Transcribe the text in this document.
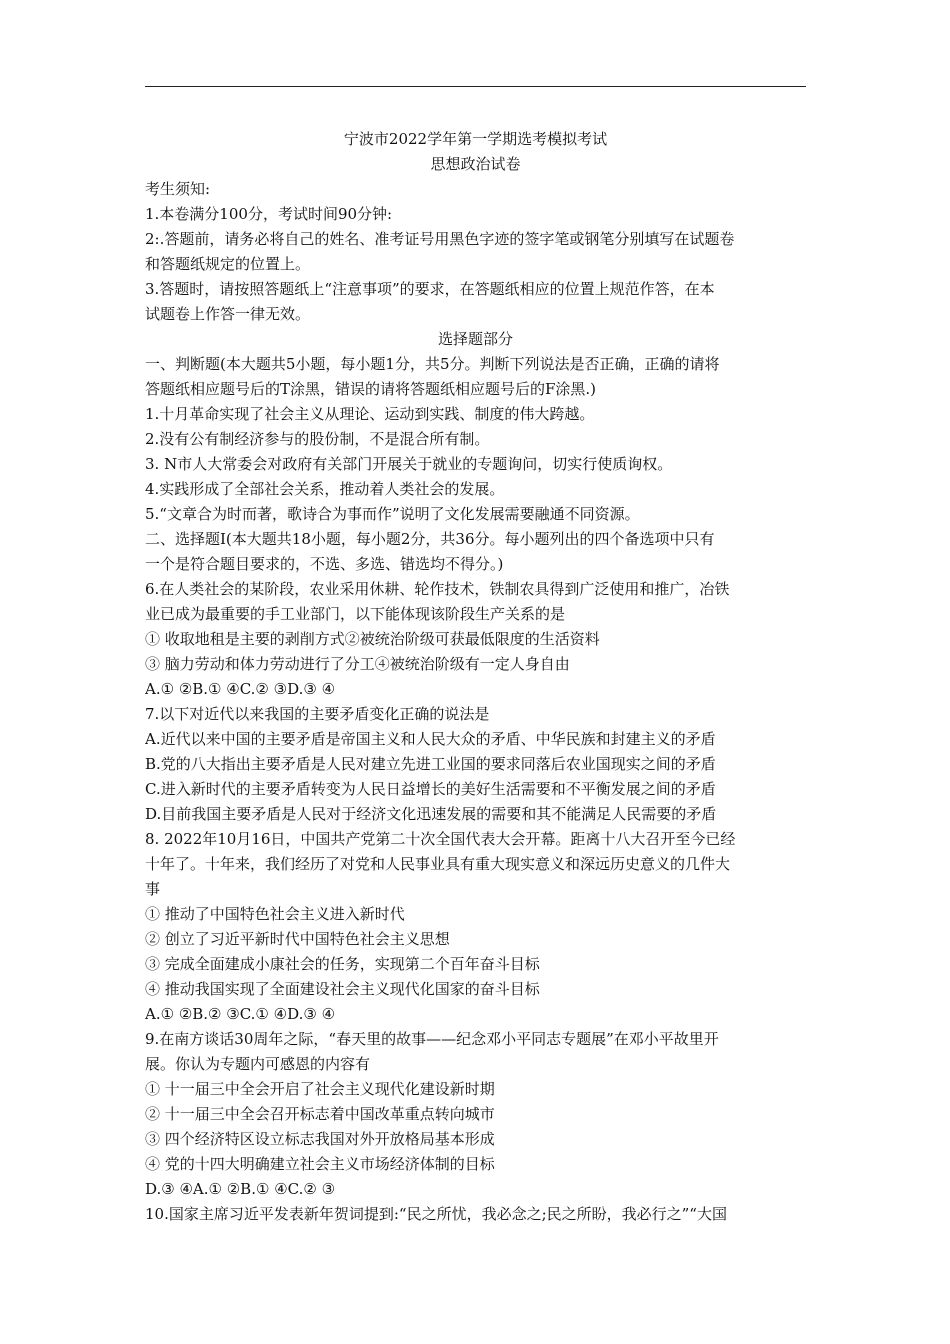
宁波市2022学年第一学期选考模拟考试
思想政治试卷
考生须知:
1.本卷满分100分，考试时间90分钟:
2:.答题前，请务必将自己的姓名、准考证号用黑色字迹的签字笔或钢笔分别填写在试题卷
和答题纸规定的位置上。
3.答题时，请按照答题纸上“注意事项”的要求，在答题纸相应的位置上规范作答，在本
试题卷上作答一律无效。
选择题部分
一、判断题(本大题共5小题，每小题1分，共5分。判断下列说法是否正确，正确的请将
答题纸相应题号后的T涂黑，错误的请将答题纸相应题号后的F涂黑.)
1.十月革命实现了社会主义从理论、运动到实践、制度的伟大跨越。
2.没有公有制经济参与的股份制，不是混合所有制。
3. N市人大常委会对政府有关部门开展关于就业的专题询问，切实行使质询权。
4.实践形成了全部社会关系，推动着人类社会的发展。
5.“文章合为时而著，歌诗合为事而作”说明了文化发展需要融通不同资源。
二、选择题I(本大题共18小题，每小题2分，共36分。每小题列出的四个备选项中只有
一个是符合题目要求的，不选、多选、错选均不得分。)
6.在人类社会的某阶段，农业采用休耕、轮作技术，铁制农具得到广泛使用和推广，冶铁
业已成为最重要的手工业部门，以下能体现该阶段生产关系的是
① 收取地租是主要的剥削方式②被统治阶级可获最低限度的生活资料
③ 脑力劳动和体力劳动进行了分工④被统治阶级有一定人身自由
A.① ②B.① ④C.② ③D.③ ④
7.以下对近代以来我国的主要矛盾变化正确的说法是
A.近代以来中国的主要矛盾是帝国主义和人民大众的矛盾、中华民族和封建主义的矛盾
B.党的八大指出主要矛盾是人民对建立先进工业国的要求同落后农业国现实之间的矛盾
C.进入新时代的主要矛盾转变为人民日益增长的美好生活需要和不平衡发展之间的矛盾
D.目前我国主要矛盾是人民对于经济文化迅速发展的需要和其不能满足人民需要的矛盾
8. 2022年10月16日，中国共产党第二十次全国代表大会开幕。距离十八大召开至今已经
十年了。十年来，我们经历了对党和人民事业具有重大现实意义和深远历史意义的几件大
事
① 推动了中国特色社会主义进入新时代
② 创立了习近平新时代中国特色社会主义思想
③ 完成全面建成小康社会的任务，实现第二个百年奋斗目标
④ 推动我国实现了全面建设社会主义现代化国家的奋斗目标
A.① ②B.② ③C.① ④D.③ ④
9.在南方谈话30周年之际，“春天里的故事——纪念邓小平同志专题展”在邓小平故里开
展。你认为专题内可感恩的内容有
① 十一届三中全会开启了社会主义现代化建设新时期
② 十一届三中全会召开标志着中国改革重点转向城市
③ 四个经济特区设立标志我国对外开放格局基本形成
④ 党的十四大明确建立社会主义市场经济体制的目标
D.③ ④A.① ②B.① ④C.② ③
10.国家主席习近平发表新年贺词提到:“民之所忧，我必念之;民之所盼，我必行之”“大国
